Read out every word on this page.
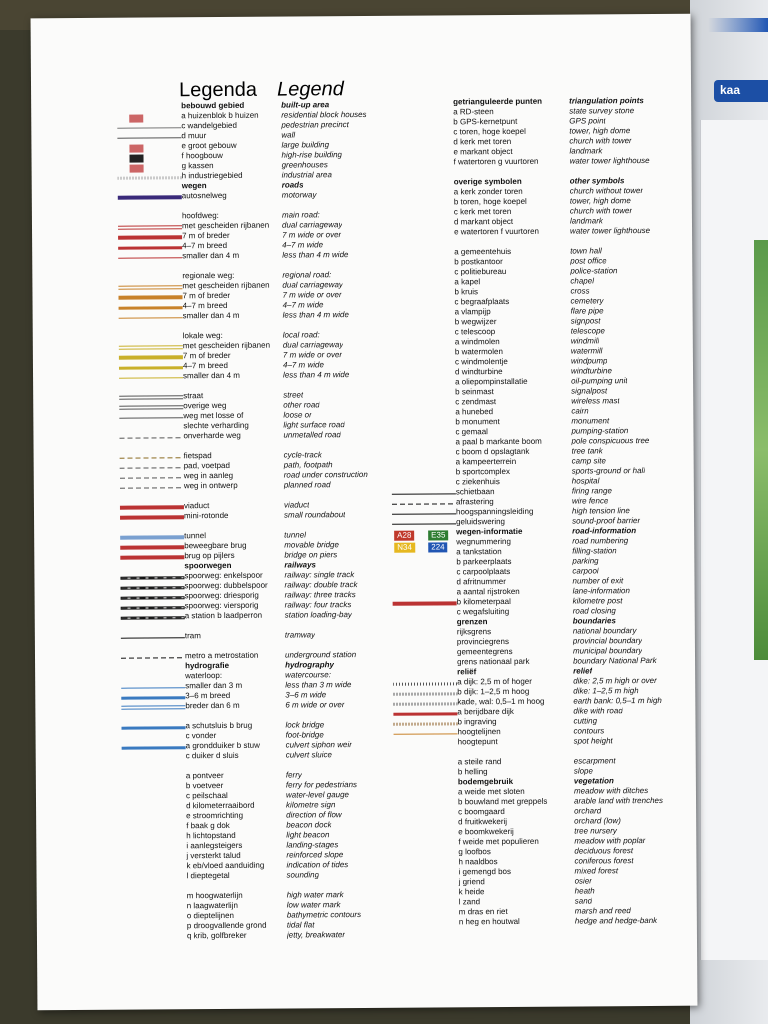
kaa
Legenda Legend
bebouwd gebied	built-up area
a huizenblok b huizen	residential block houses
c wandelgebied	pedestrian precinct
d muur	wall
e groot gebouw	large building
f hoogbouw	high-rise building
g kassen	greenhouses
h industriegebied	industrial area
wegen	roads
autosnelweg	motorway
hoofdweg:	main road:
met gescheiden rijbanen	dual carriageway
7 m of breder	7 m wide or over
4–7 m breed	4–7 m wide
smaller dan 4 m	less than 4 m wide
regionale weg:	regional road:
met gescheiden rijbanen	dual carriageway
7 m of breder	7 m wide or over
4–7 m breed	4–7 m wide
smaller dan 4 m	less than 4 m wide
lokale weg:	local road:
met gescheiden rijbanen	dual carriageway
7 m of breder	7 m wide or over
4–7 m breed	4–7 m wide
smaller dan 4 m	less than 4 m wide
straat	street
overige weg	other road
weg met losse of	loose or
slechte verharding	light surface road
onverharde weg	unmetalled road
fietspad	cycle-track
pad, voetpad	path, footpath
weg in aanleg	road under construction
weg in ontwerp	planned road
viaduct	viaduct
mini-rotonde	small roundabout
tunnel	tunnel
beweegbare brug	movable bridge
brug op pijlers	bridge on piers
spoorwegen	railways
spoorweg: enkelspoor	railway: single track
spoorweg: dubbelspoor	railway: double track
spoorweg: driesporig	railway: three tracks
spoorweg: viersporig	railway: four tracks
a station b laadperron	station loading-bay
tram	tramway
metro a metrostation	underground station
hydrografie	hydrography
waterloop:	watercourse:
smaller dan 3 m	less than 3 m wide
3–6 m breed	3–6 m wide
breder dan 6 m	6 m wide or over
a schutsluis b brug	lock bridge
c vonder	foot-bridge
a grondduiker b stuw	culvert siphon weir
c duiker d sluis	culvert sluice
a pontveer	ferry
b voetveer	ferry for pedestrians
c peilschaal	water-level gauge
d kilometerraaibord	kilometre sign
e stroomrichting	direction of flow
f baak g dok	beacon dock
h lichtopstand	light beacon
i aanlegsteigers	landing-stages
j versterkt talud	reinforced slope
k eb/vloed aanduiding	indication of tides
l dieptegetal	sounding
m hoogwaterlijn	high water mark
n laagwaterlijn	low water mark
o dieptelijnen	bathymetric contours
p droogvallende grond	tidal flat
q krib, golfbreker	jetty, breakwater
getrianguleerde punten	triangulation points
a RD-steen	state survey stone
b GPS-kernetpunt	GPS point
c toren, hoge koepel	tower, high dome
d kerk met toren	church with tower
e markant object	landmark
f watertoren g vuurtoren	water tower lighthouse
overige symbolen	other symbols
a kerk zonder toren	church without tower
b toren, hoge koepel	tower, high dome
c kerk met toren	church with tower
d markant object	landmark
e watertoren f vuurtoren	water tower lighthouse
a gemeentehuis	town hall
b postkantoor	post office
c politiebureau	police-station
a kapel	chapel
b kruis	cross
c begraafplaats	cemetery
a vlampijp	flare pipe
b wegwijzer	signpost
c telescoop	telescope
a windmolen	windmill
b watermolen	watermill
c windmolentje	windpump
d windturbine	windturbine
a oliepompinstallatie	oil-pumping unit
b seinmast	signalpost
c zendmast	wireless mast
a hunebed	cairn
b monument	monument
c gemaal	pumping-station
a paal b markante boom	pole conspicuous tree
c boom d opslagtank	tree tank
a kampeerterrein	camp site
b sportcomplex	sports-ground or hall
c ziekenhuis	hospital
schietbaan	firing range
afrastering	wire fence
hoogspanningsleiding	high tension line
geluidswering	sound-proof barrier
wegen-informatie	road-information
wegnummering	road numbering
a tankstation	filling-station
b parkeerplaats	parking
c carpoolplaats	carpool
d afritnummer	number of exit
a aantal rijstroken	lane-information
b kilometerpaal	kilometre post
c wegafsluiting	road closing
grenzen	boundaries
rijksgrens	national boundary
provinciegrens	provincial boundary
gemeentegrens	municipal boundary
grens nationaal park	boundary National Park
reliëf	relief
a dijk: 2,5 m of hoger	dike: 2,5 m high or over
b dijk: 1–2,5 m hoog	dike: 1–2,5 m high
kade, wal: 0,5–1 m hoog	earth bank: 0,5–1 m high
a berijdbare dijk	dike with road
b ingraving	cutting
hoogtelijnen	contours
hoogtepunt	spot height
a steile rand	escarpment
b helling	slope
bodemgebruik	vegetation
a weide met sloten	meadow with ditches
b bouwland met greppels	arable land with trenches
c boomgaard	orchard
d fruitkwekerij	orchard (low)
e boomkwekerij	tree nursery
f weide met populieren	meadow with poplar
g loofbos	deciduous forest
h naaldbos	coniferous forest
i gemengd bos	mixed forest
j griend	osier
k heide	heath
l zand	sand
m dras en riet	marsh and reed
n heg en houtwal	hedge and hedge-bank
A28	E35
N34	224
